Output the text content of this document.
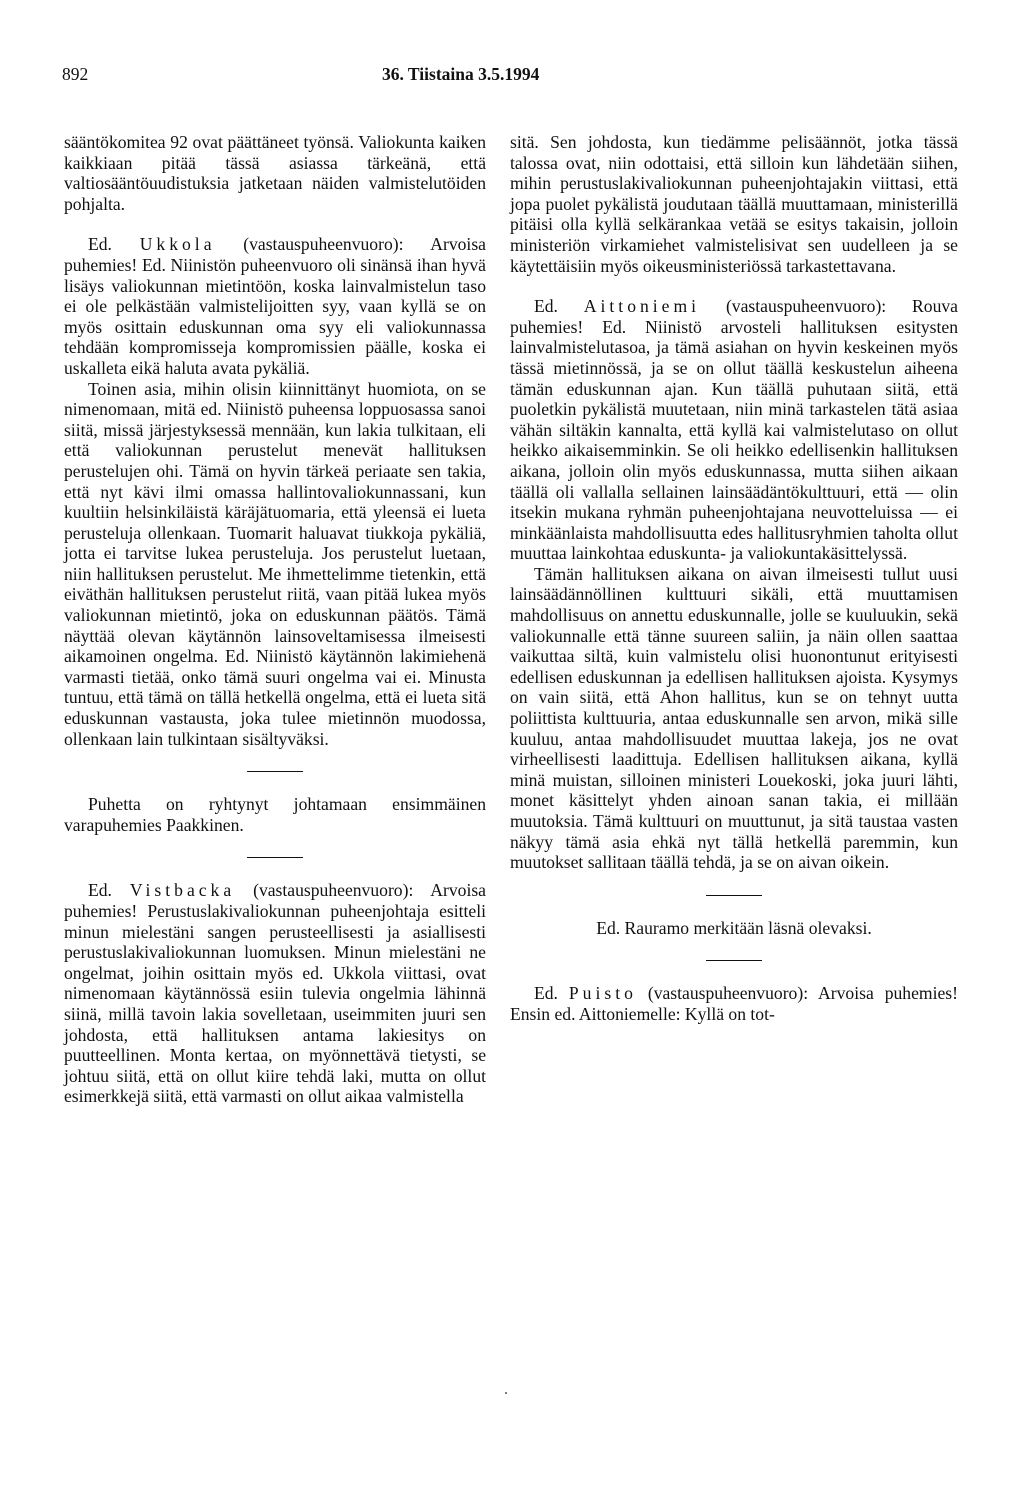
892	36. Tiistaina 3.5.1994

sääntökomitea 92 ovat päättäneet työnsä. Valiokunta kaiken kaikkiaan pitää tässä asiassa tärkeänä, että valtiosääntöuudistuksia jatketaan näiden valmistelutöiden pohjalta.

Ed. Ukkola (vastauspuheenvuoro): Arvoisa puhemies! Ed. Niinistön puheenvuoro oli sinänsä ihan hyvä lisäys valiokunnan mietintöön, koska lainvalmistelun taso ei ole pelkästään valmistelijoitten syy, vaan kyllä se on myös osittain eduskunnan oma syy eli valiokunnassa tehdään kompromisseja kompromissien päälle, koska ei uskalleta eikä haluta avata pykäliä.

Toinen asia, mihin olisin kiinnittänyt huomiota, on se nimenomaan, mitä ed. Niinistö puheensa loppuosassa sanoi siitä, missä järjestyksessä mennään, kun lakia tulkitaan, eli että valiokunnan perustelut menevät hallituksen perustelujen ohi. Tämä on hyvin tärkeä periaate sen takia, että nyt kävi ilmi omassa hallintovaliokunnassani, kun kuultiin helsinkiläistä käräjätuomaria, että yleensä ei lueta perusteluja ollenkaan. Tuomarit haluavat tiukkoja pykäliä, jotta ei tarvitse lukea perusteluja. Jos perustelut luetaan, niin hallituksen perustelut. Me ihmettelimme tietenkin, että eiväthän hallituksen perustelut riitä, vaan pitää lukea myös valiokunnan mietintö, joka on eduskunnan päätös. Tämä näyttää olevan käytännön lainsoveltamisessa ilmeisesti aikamoinen ongelma. Ed. Niinistö käytännön lakimiehenä varmasti tietää, onko tämä suuri ongelma vai ei. Minusta tuntuu, että tämä on tällä hetkellä ongelma, että ei lueta sitä eduskunnan vastausta, joka tulee mietinnön muodossa, ollenkaan lain tulkintaan sisältyväksi.

Puhetta on ryhtynyt johtamaan ensimmäinen varapuhemies Paakkinen.

Ed. Vistbacka (vastauspuheenvuoro): Arvoisa puhemies! Perustuslakivaliokunnan puheenjohtaja esitteli minun mielestäni sangen perusteellisesti ja asiallisesti perustuslakivaliokunnan luomuksen. Minun mielestäni ne ongelmat, joihin osittain myös ed. Ukkola viittasi, ovat nimenomaan käytännössä esiin tulevia ongelmia lähinnä siinä, millä tavoin lakia sovelletaan, useimmiten juuri sen johdosta, että hallituksen antama lakiesitys on puutteellinen. Monta kertaa, on myönnettävä tietysti, se johtuu siitä, että on ollut kiire tehdä laki, mutta on ollut esimerkkejä siitä, että varmasti on ollut aikaa valmistella

sitä. Sen johdosta, kun tiedämme pelisäännöt, jotka tässä talossa ovat, niin odottaisi, että silloin kun lähdetään siihen, mihin perustuslakivaliokunnan puheenjohtajakin viittasi, että jopa puolet pykälistä joudutaan täällä muuttamaan, ministerillä pitäisi olla kyllä selkärankaa vetää se esitys takaisin, jolloin ministeriön virkamiehet valmistelisivat sen uudelleen ja se käytettäisiin myös oikeusministeriössä tarkastettavana.

Ed. Aittoniemi (vastauspuheenvuoro): Rouva puhemies! Ed. Niinistö arvosteli hallituksen esitysten lainvalmistelutasoa, ja tämä asiahan on hyvin keskeinen myös tässä mietinnössä, ja se on ollut täällä keskustelun aiheena tämän eduskunnan ajan. Kun täällä puhutaan siitä, että puoletkin pykälistä muutetaan, niin minä tarkastelen tätä asiaa vähän siltäkin kannalta, että kyllä kai valmistelutaso on ollut heikko aikaisemminkin. Se oli heikko edellisenkin hallituksen aikana, jolloin olin myös eduskunnassa, mutta siihen aikaan täällä oli vallalla sellainen lainsäädäntökulttuuri, että — olin itsekin mukana ryhmän puheenjohtajana neuvotteluissa — ei minkäänlaista mahdollisuutta edes hallitusryhmien taholta ollut muuttaa lainkohtaa eduskunta- ja valiokuntakäsittelyssä.

Tämän hallituksen aikana on aivan ilmeisesti tullut uusi lainsäädännöllinen kulttuuri sikäli, että muuttamisen mahdollisuus on annettu eduskunnalle, jolle se kuuluukin, sekä valiokunnalle että tänne suureen saliin, ja näin ollen saattaa vaikuttaa siltä, kuin valmistelu olisi huonontunut erityisesti edellisen eduskunnan ja edellisen hallituksen ajoista. Kysymys on vain siitä, että Ahon hallitus, kun se on tehnyt uutta poliittista kulttuuria, antaa eduskunnalle sen arvon, mikä sille kuuluu, antaa mahdollisuudet muuttaa lakeja, jos ne ovat virheellisesti laadittuja. Edellisen hallituksen aikana, kyllä minä muistan, silloinen ministeri Louekoski, joka juuri lähti, monet käsittelyt yhden ainoan sanan takia, ei millään muutoksia. Tämä kulttuuri on muuttunut, ja sitä taustaa vasten näkyy tämä asia ehkä nyt tällä hetkellä paremmin, kun muutokset sallitaan täällä tehdä, ja se on aivan oikein.

Ed. Rauramo merkitään läsnä olevaksi.

Ed. Puisto (vastauspuheenvuoro): Arvoisa puhemies! Ensin ed. Aittoniemelle: Kyllä on tot-
